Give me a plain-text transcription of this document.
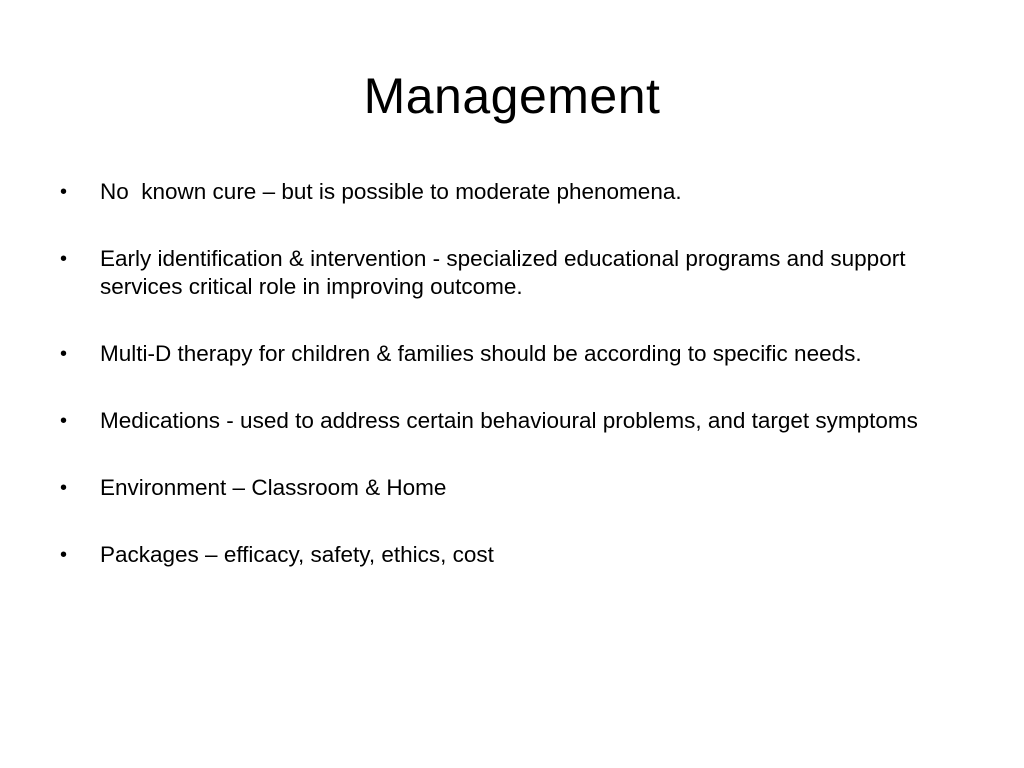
Management
• No  known cure – but is possible to moderate phenomena.
• Early identification & intervention - specialized educational programs and support services critical role in improving outcome.
• Multi-D therapy for children & families should be according to specific needs.
• Medications - used to address certain behavioural problems, and target symptoms
• Environment – Classroom & Home
• Packages – efficacy, safety, ethics, cost
